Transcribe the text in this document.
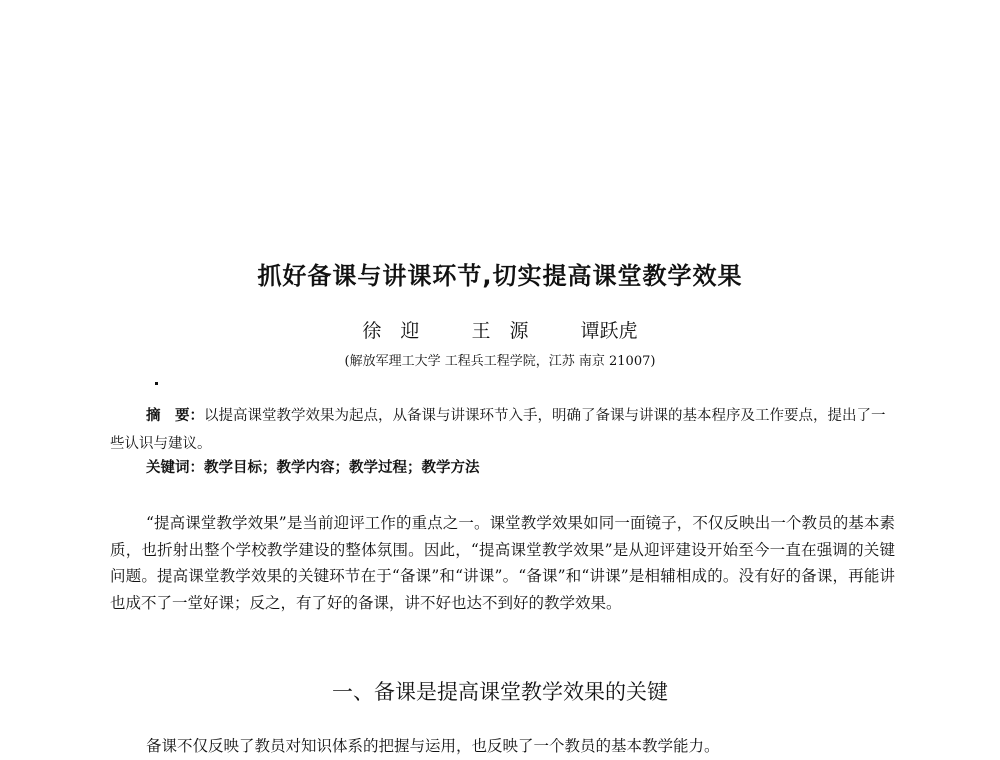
抓好备课与讲课环节,切实提高课堂教学效果
徐　迎	王　源	谭跃虎
(解放军理工大学 工程兵工程学院，江苏 南京 21007)
摘　要：以提高课堂教学效果为起点，从备课与讲课环节入手，明确了备课与讲课的基本程序及工作要点，提出了一些认识与建议。
关键词：教学目标；教学内容；教学过程；教学方法
“提高课堂教学效果”是当前迎评工作的重点之一。课堂教学效果如同一面镜子，不仅反映出一个教员的基本素质，也折射出整个学校教学建设的整体氛围。因此，“提高课堂教学效果”是从迎评建设开始至今一直在强调的关键问题。提高课堂教学效果的关键环节在于“备课”和“讲课”。“备课”和“讲课”是相辅相成的。没有好的备课，再能讲也成不了一堂好课；反之，有了好的备课，讲不好也达不到好的教学效果。
一、备课是提高课堂教学效果的关键
备课不仅反映了教员对知识体系的把握与运用，也反映了一个教员的基本教学能力。
